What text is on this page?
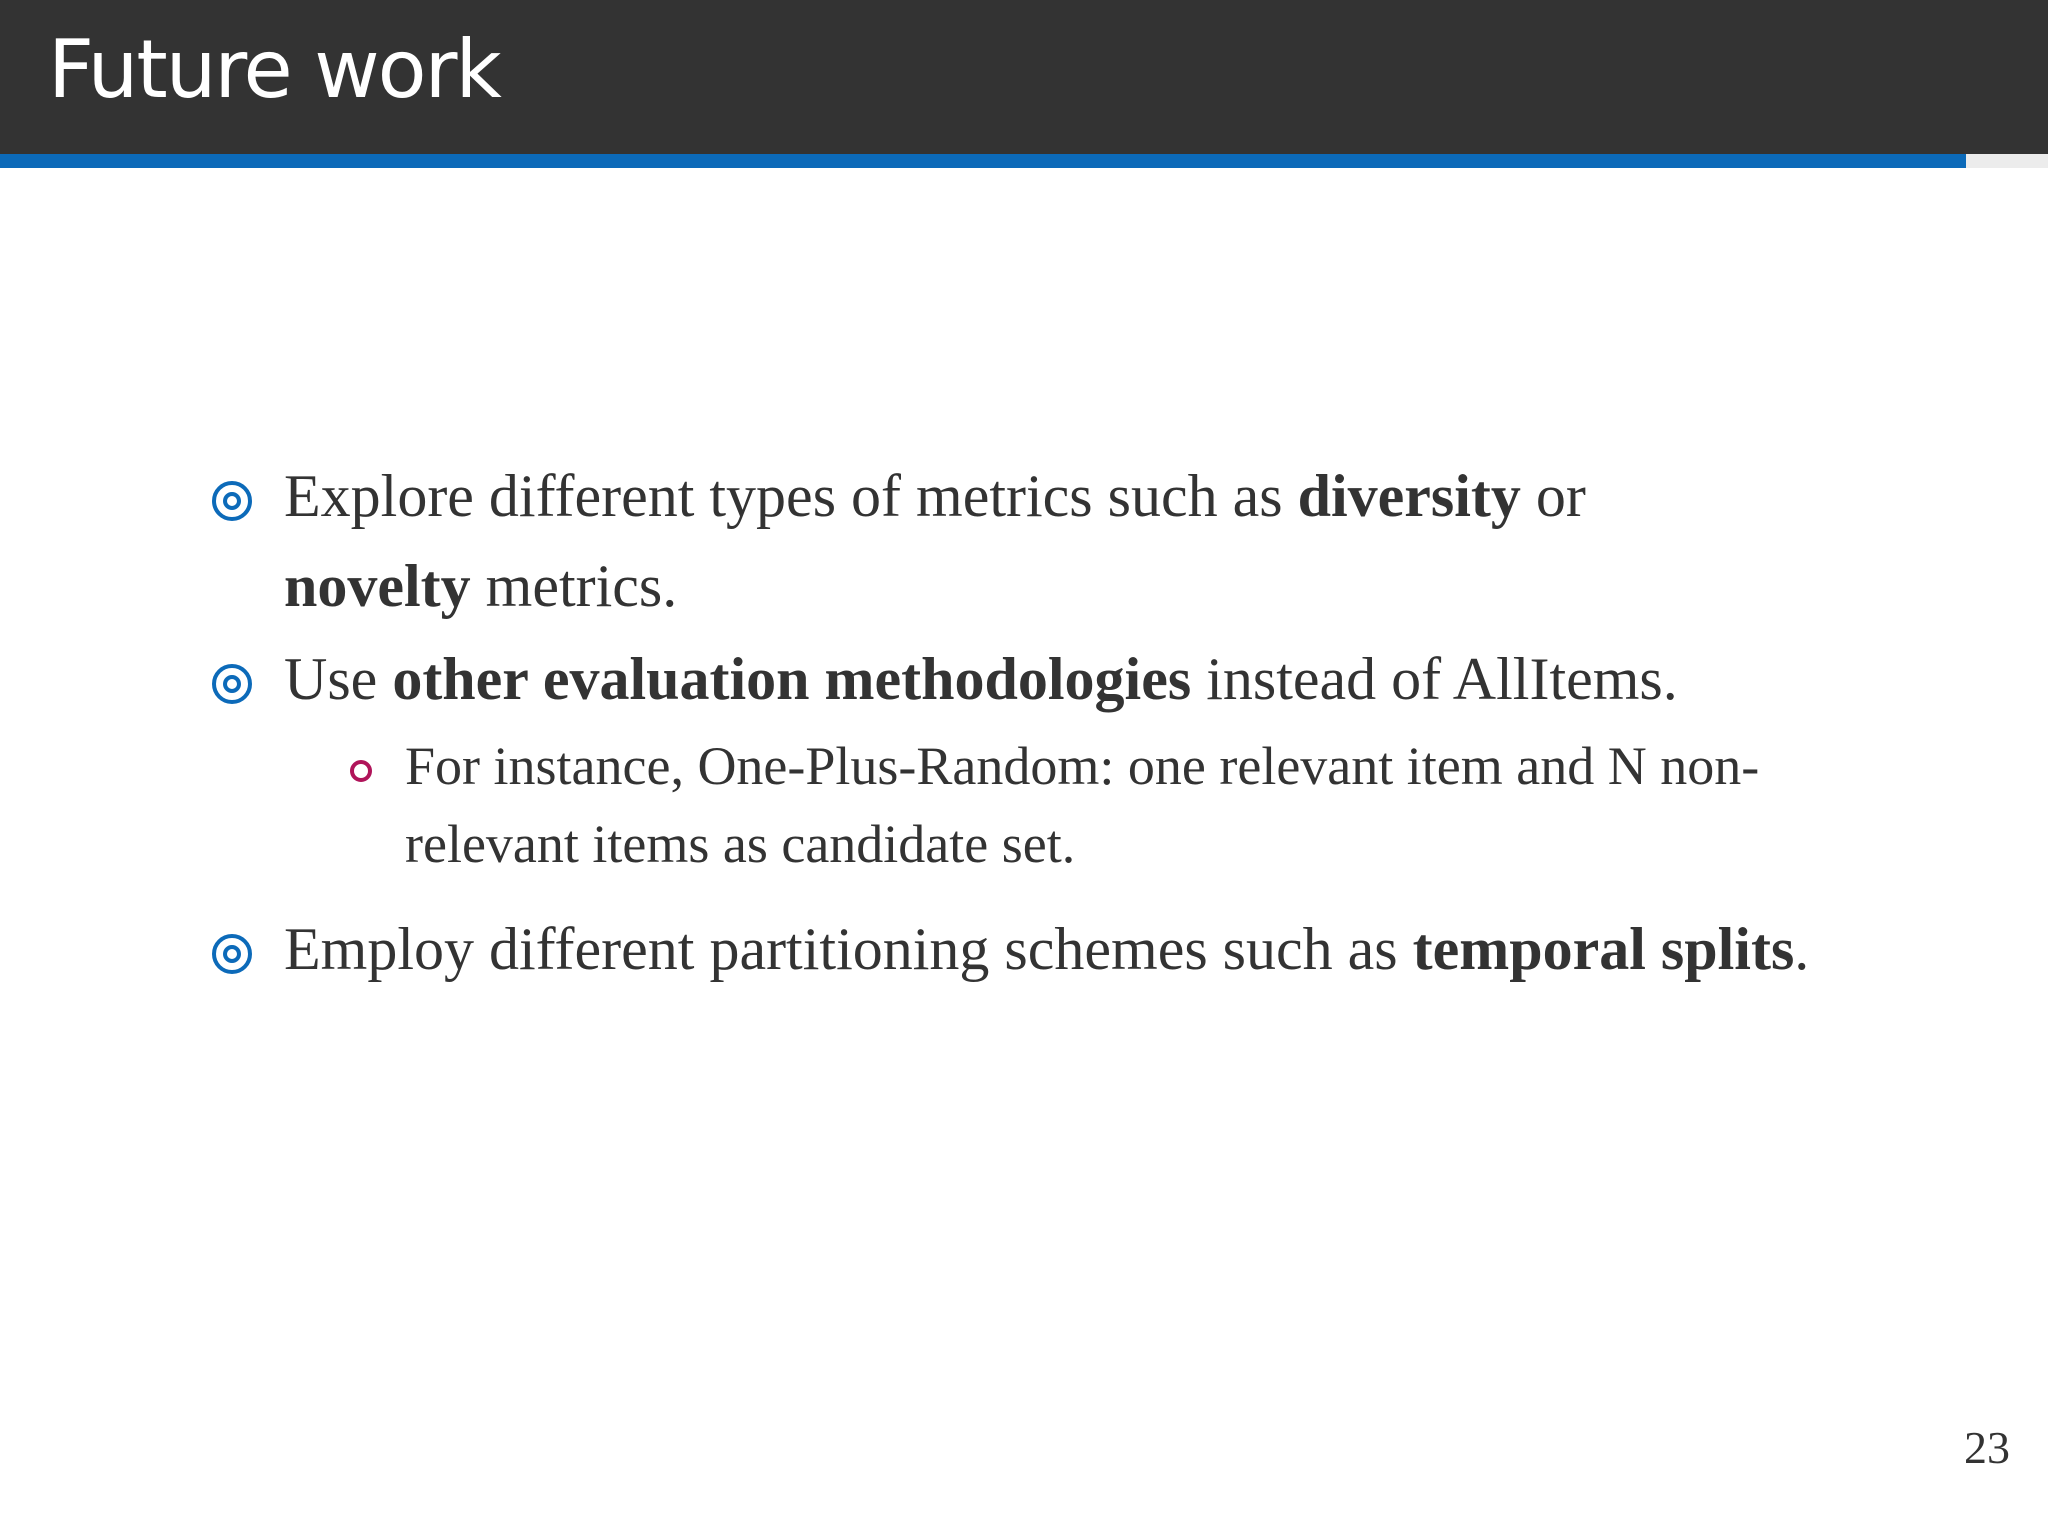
Future work

Explore different types of metrics such as diversity or
novelty metrics.

Use other evaluation methodologies instead of AllItems.

For instance, One-Plus-Random: one relevant item and N non-relevant items as candidate set.

Employ different partitioning schemes such as temporal splits.

23
